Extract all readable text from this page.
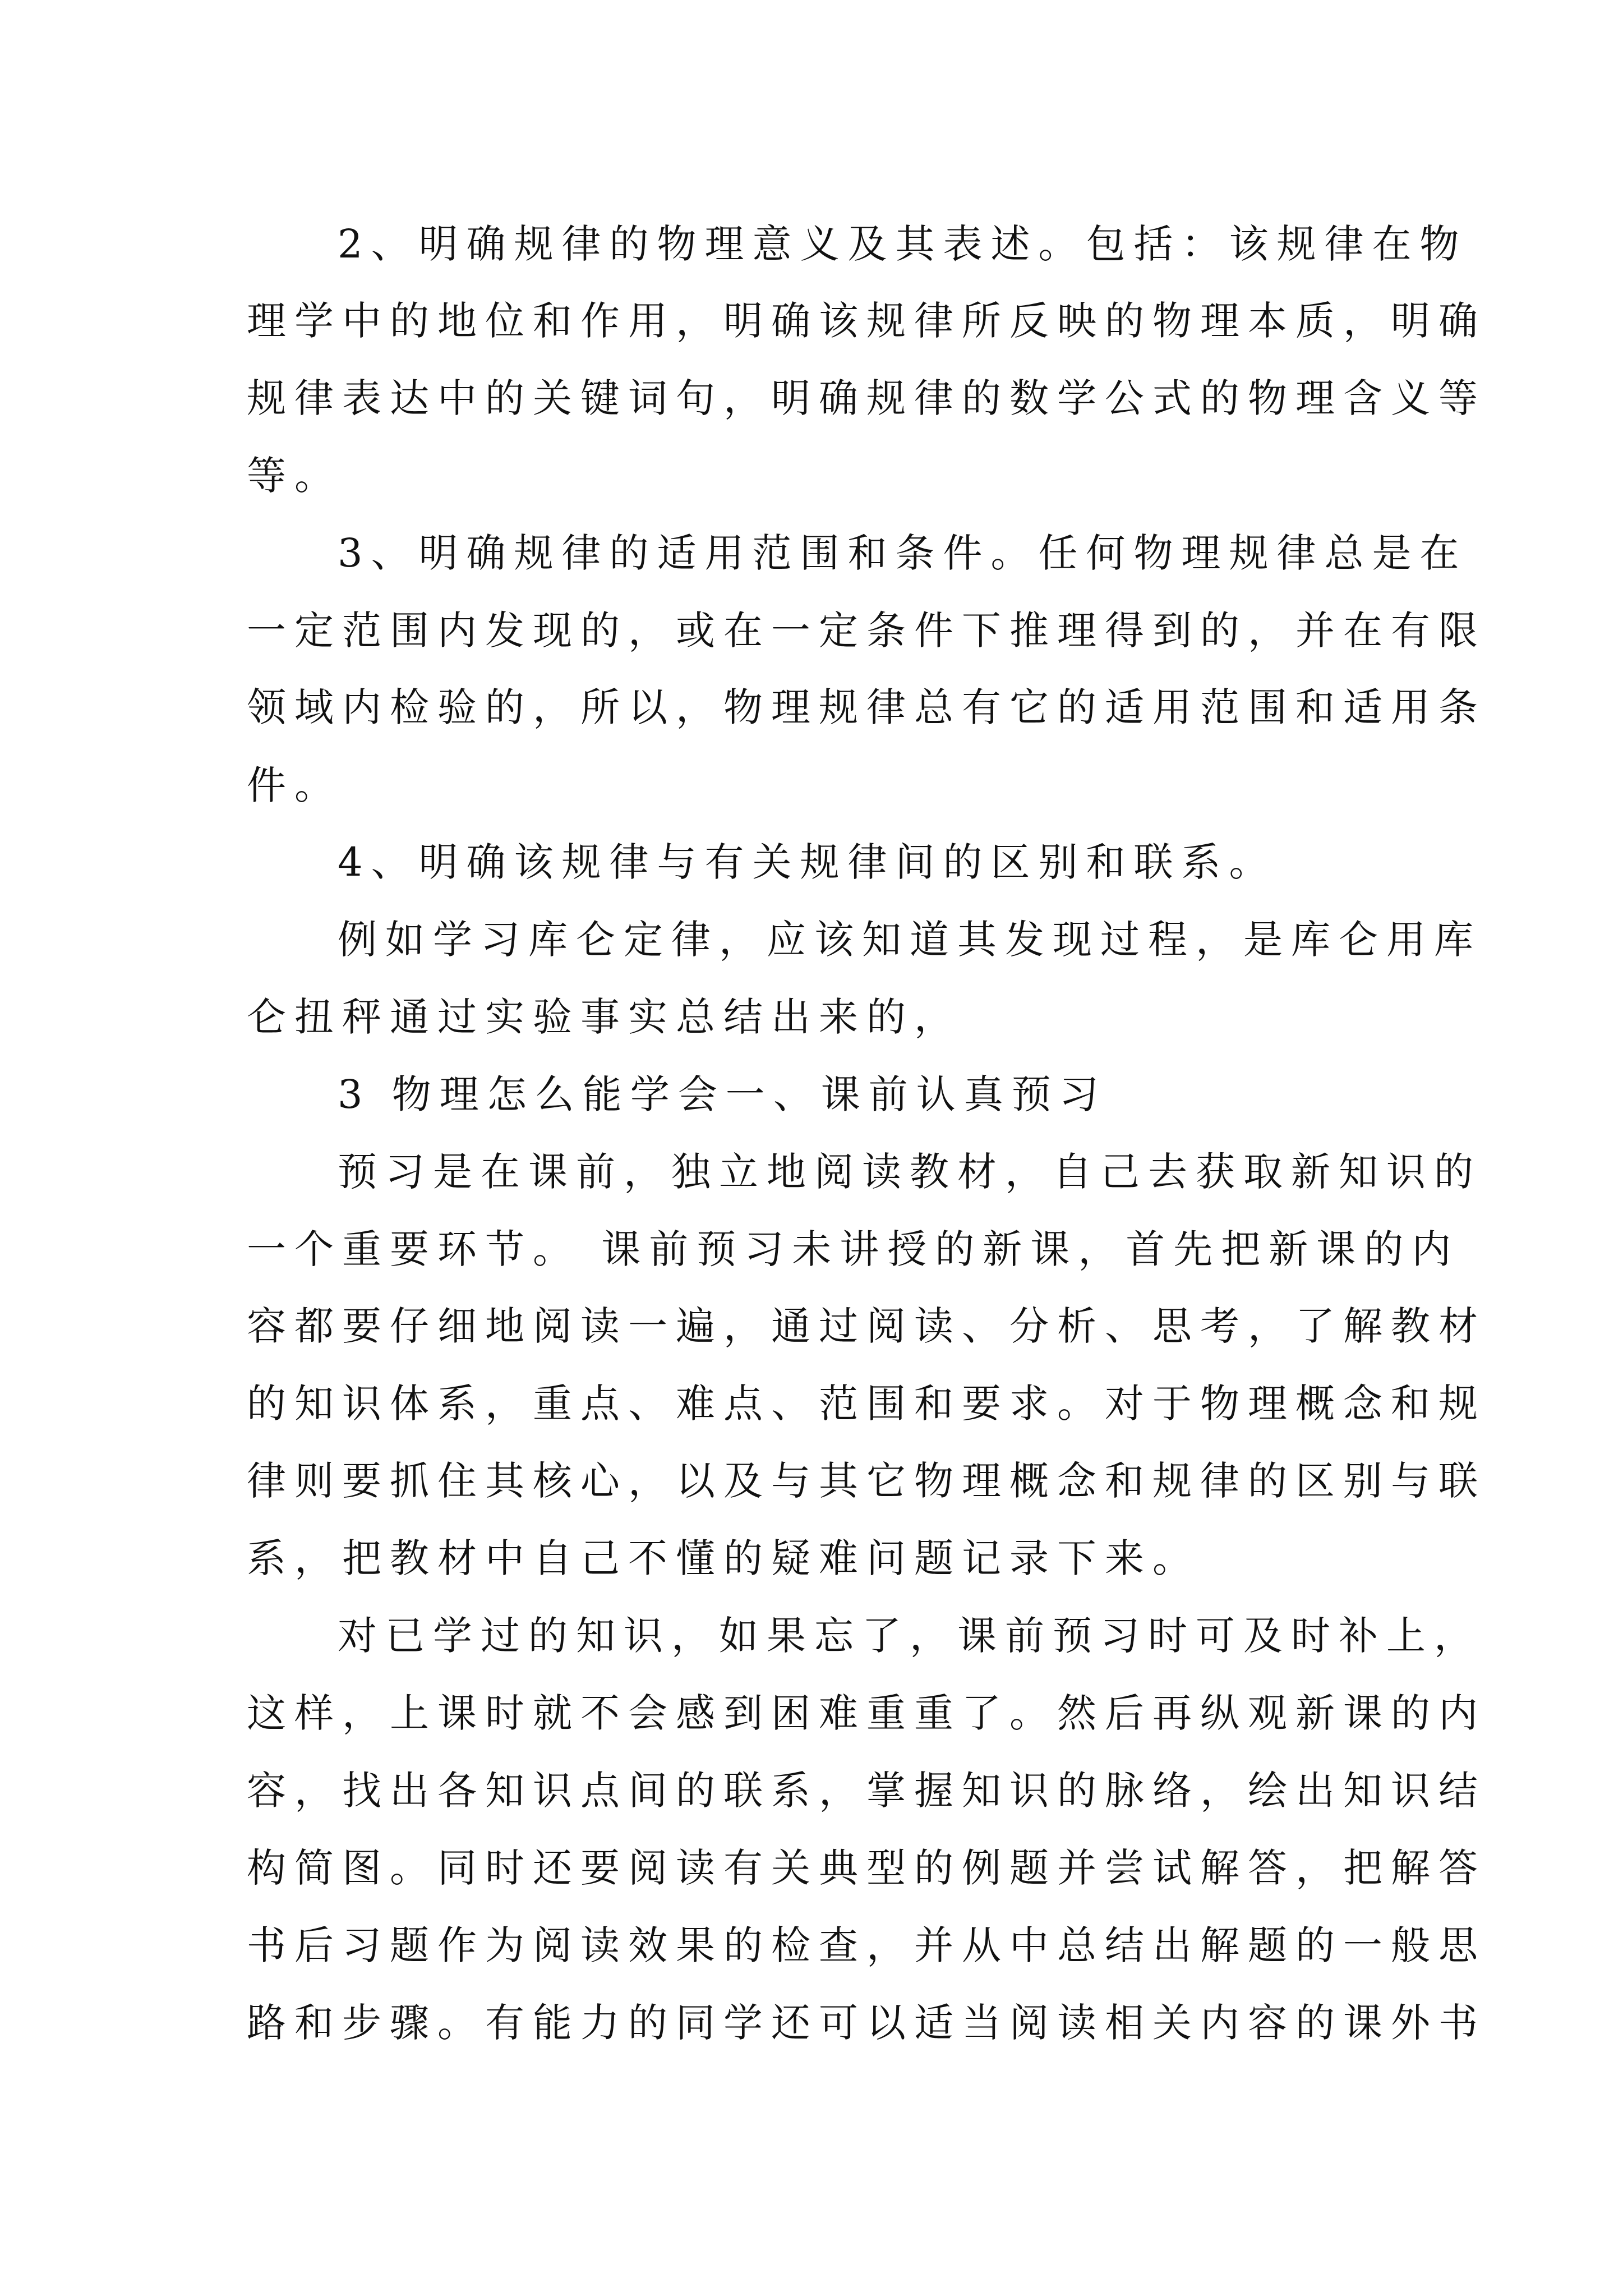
2、明确规律的物理意义及其表述。包括：该规律在物

理学中的地位和作用，明确该规律所反映的物理本质，明确

规律表达中的关键词句，明确规律的数学公式的物理含义等

等。

3、明确规律的适用范围和条件。任何物理规律总是在

一定范围内发现的，或在一定条件下推理得到的，并在有限

领域内检验的，所以，物理规律总有它的适用范围和适用条

件。

4、明确该规律与有关规律间的区别和联系。

例如学习库仑定律，应该知道其发现过程，是库仑用库

仑扭秤通过实验事实总结出来的，

3 物理怎么能学会一、课前认真预习

预习是在课前，独立地阅读教材，自己去获取新知识的

一个重要环节。 课前预习未讲授的新课，首先把新课的内

容都要仔细地阅读一遍，通过阅读、分析、思考，了解教材

的知识体系，重点、难点、范围和要求。对于物理概念和规

律则要抓住其核心，以及与其它物理概念和规律的区别与联

系，把教材中自己不懂的疑难问题记录下来。

对已学过的知识，如果忘了，课前预习时可及时补上，

这样，上课时就不会感到困难重重了。然后再纵观新课的内

容，找出各知识点间的联系，掌握知识的脉络，绘出知识结

构简图。同时还要阅读有关典型的例题并尝试解答，把解答

书后习题作为阅读效果的检查，并从中总结出解题的一般思

路和步骤。有能力的同学还可以适当阅读相关内容的课外书
